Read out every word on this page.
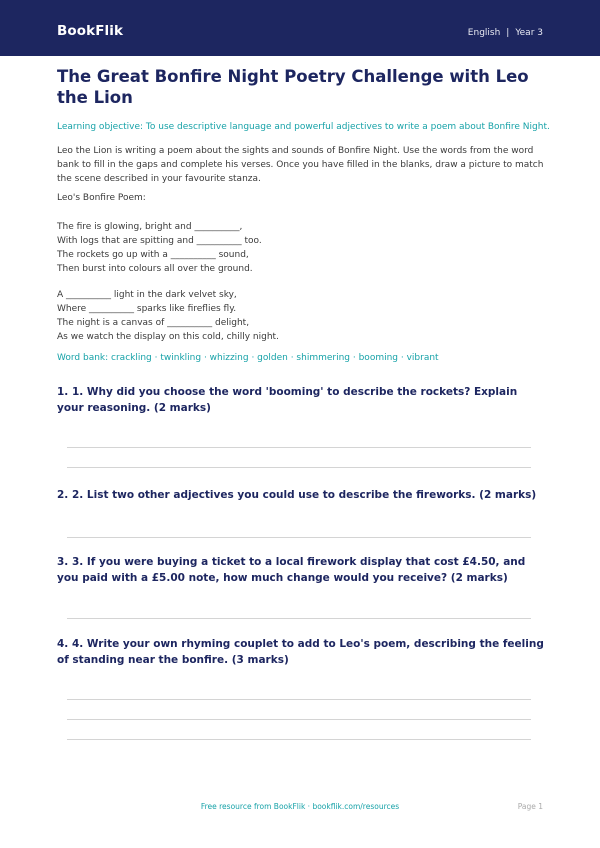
BookFlik	English | Year 3
The Great Bonfire Night Poetry Challenge with Leo the Lion
Learning objective: To use descriptive language and powerful adjectives to write a poem about Bonfire Night.
Leo the Lion is writing a poem about the sights and sounds of Bonfire Night. Use the words from the word bank to fill in the gaps and complete his verses. Once you have filled in the blanks, draw a picture to match the scene described in your favourite stanza.
Leo's Bonfire Poem:
The fire is glowing, bright and __________,
With logs that are spitting and __________ too.
The rockets go up with a __________ sound,
Then burst into colours all over the ground.
A __________ light in the dark velvet sky,
Where __________ sparks like fireflies fly.
The night is a canvas of __________ delight,
As we watch the display on this cold, chilly night.
Word bank: crackling · twinkling · whizzing · golden · shimmering · booming · vibrant
1. 1. Why did you choose the word 'booming' to describe the rockets? Explain your reasoning. (2 marks)
2. 2. List two other adjectives you could use to describe the fireworks. (2 marks)
3. 3. If you were buying a ticket to a local firework display that cost £4.50, and you paid with a £5.00 note, how much change would you receive? (2 marks)
4. 4. Write your own rhyming couplet to add to Leo's poem, describing the feeling of standing near the bonfire. (3 marks)
Free resource from BookFlik · bookflik.com/resources	Page 1
